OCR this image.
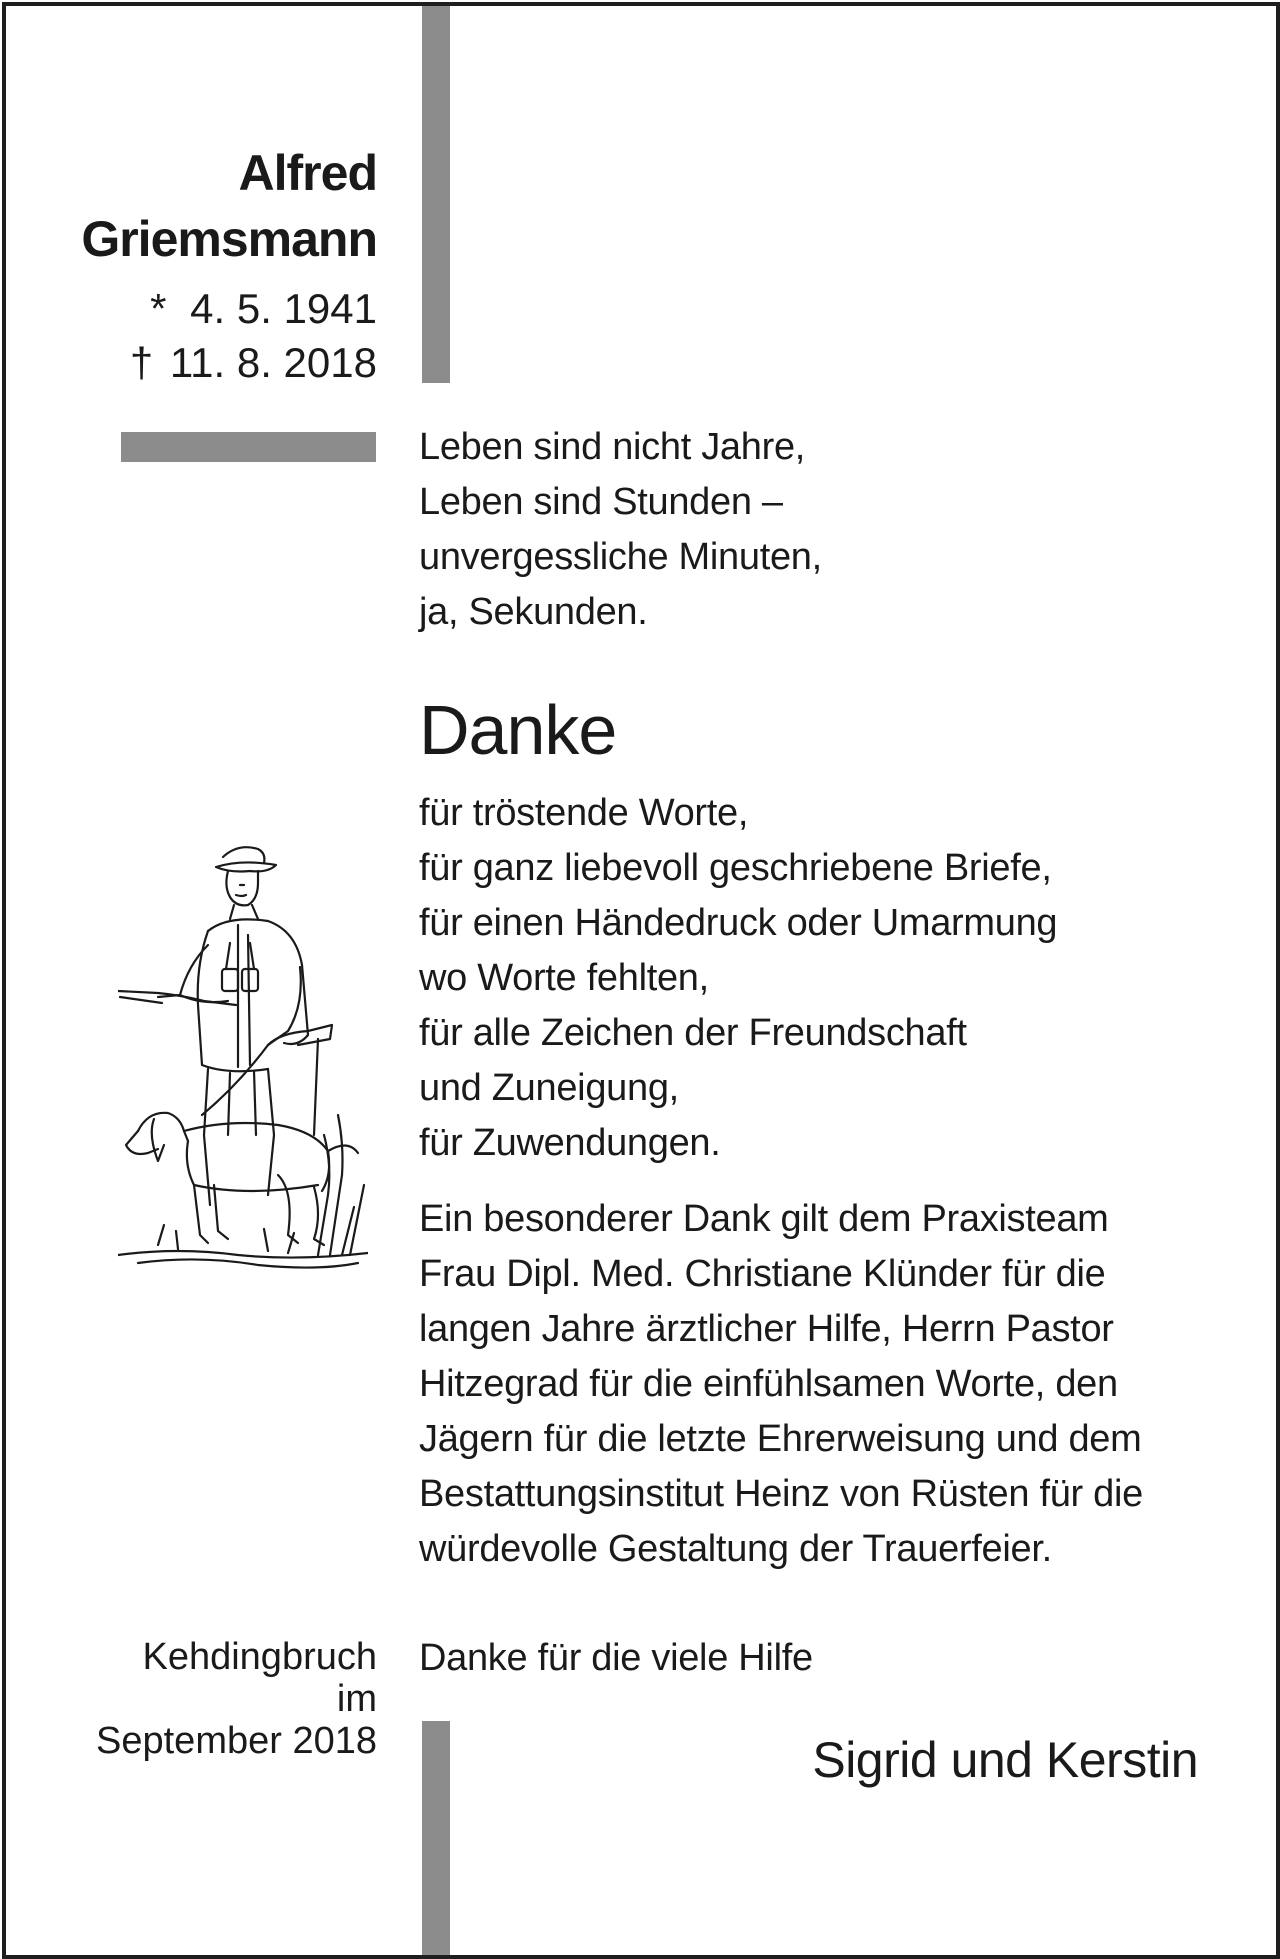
Alfred
Griemsmann
* 4. 5. 1941
† 11. 8. 2018
Leben sind nicht Jahre,
Leben sind Stunden –
unvergessliche Minuten,
ja, Sekunden.
Danke
für tröstende Worte,
für ganz liebevoll geschriebene Briefe,
für einen Händedruck oder Umarmung
wo Worte fehlten,
für alle Zeichen der Freundschaft
und Zuneigung,
für Zuwendungen.
Ein besonderer Dank gilt dem Praxisteam
Frau Dipl. Med. Christiane Klünder für die
langen Jahre ärztlicher Hilfe, Herrn Pastor
Hitzegrad für die einfühlsamen Worte, den
Jägern für die letzte Ehrerweisung und dem
Bestattungsinstitut Heinz von Rüsten für die
würdevolle Gestaltung der Trauerfeier.
Danke für die viele Hilfe
Kehdingbruch
im
September 2018	Sigrid und Kerstin
